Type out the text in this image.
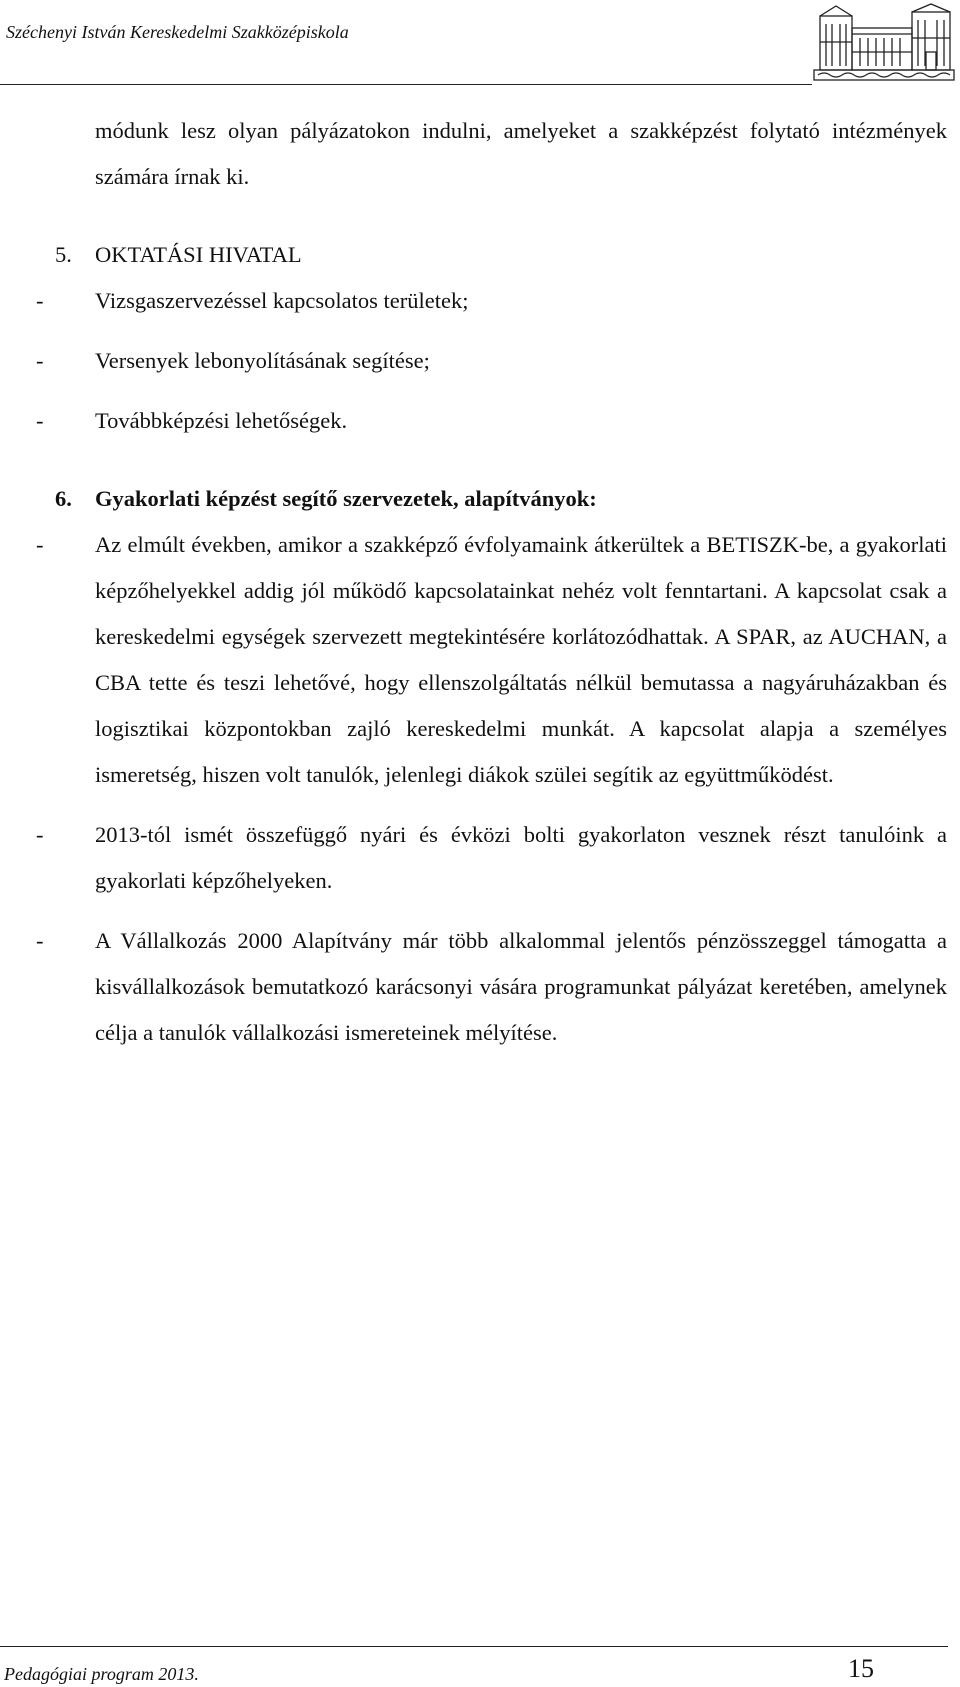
Széchenyi István Kereskedelmi Szakközépiskola
módunk lesz olyan pályázatokon indulni, amelyeket a szakképzést folytató intézmények számára írnak ki.
5. OKTATÁSI HIVATAL
- Vizsgaszervezéssel kapcsolatos területek;
- Versenyek lebonyolításának segítése;
- Továbbképzési lehetőségek.
6. Gyakorlati képzést segítő szervezetek, alapítványok:
- Az elmúlt években, amikor a szakképző évfolyamaink átkerültek a BETISZK-be, a gyakorlati képzőhelyekkel addig jól működő kapcsolatainkat nehéz volt fenntartani. A kapcsolat csak a kereskedelmi egységek szervezett megtekintésére korlátozódhattak. A SPAR, az AUCHAN, a CBA tette és teszi lehetővé, hogy ellenszolgáltatás nélkül bemutassa a nagyáruházakban és logisztikai központokban zajló kereskedelmi munkát. A kapcsolat alapja a személyes ismeretség, hiszen volt tanulók, jelenlegi diákok szülei segítik az együttműködést.
- 2013-tól ismét összefüggő nyári és évközi bolti gyakorlaton vesznek részt tanulóink a gyakorlati képzőhelyeken.
- A Vállalkozás 2000 Alapítvány már több alkalommal jelentős pénzösszeggel támogatta a kisvállalkozások bemutatkozó karácsonyi vására programunkat pályázat keretében, amelynek célja a tanulók vállalkozási ismereteinek mélyítése.
Pedagógiai program 2013.	15
